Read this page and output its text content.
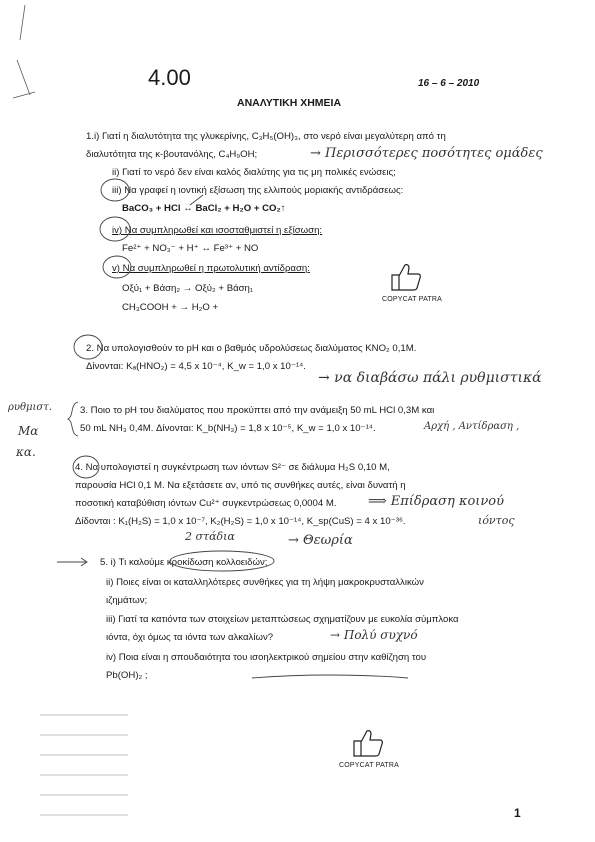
4.00	16 – 6 – 2010
ΑΝΑΛΥΤΙΚΗ ΧΗΜΕΙΑ
1.i) Γιατί η διαλυτότητα της γλυκερίνης, C₃H₅(OH)₃, στο νερό είναι μεγαλύτερη από τη
διαλυτότητα της κ-βουτανόλης, C₄H₉OH;	→ Περισσότερες ποσότητες ομάδες
ii) Γιατί το νερό δεν είναι καλός διαλύτης για τις μη πολικές ενώσεις;
iii) Να γραφεί η ιοντική εξίσωση της ελλιπούς μοριακής αντιδράσεως:
BaCO₃ + HCl ↔ BaCl₂ + H₂O + CO₂↑
iv) Να συμπληρωθεί και ισοσταθμιστεί η εξίσωση:
Fe²⁺ + NO₃⁻ + H⁺ ↔ Fe³⁺ + NO
v) Να συμπληρωθεί η πρωτολυτική αντίδραση:
Οξύ₁ + Βάση₂ → Οξύ₂ + Βάση₁
CH₃COOH + → H₂O +
COPYCAT PATRA
2. Να υπολογισθούν το pH και ο βαθμός υδρολύσεως διαλύματος KNO₂ 0,1M.
Δίνονται: Kₐ(HNO₂) = 4,5 x 10⁻⁴, K_w = 1,0 x 10⁻¹⁴.
→ να διαβάσω πάλι ρυθμιστικά
ρυθμιστ.
Μα
κα.
3. Ποιο το pH του διαλύματος που προκύπτει από την ανάμειξη 50 mL HCl 0,3M και
50 mL NH₃ 0,4M. Δίνονται: K_b(NH₃) = 1,8 x 10⁻⁵, K_w = 1,0 x 10⁻¹⁴.	Αρχή , Αντίδραση ,
4. Να υπολογιστεί η συγκέντρωση των ιόντων S²⁻ σε διάλυμα H₂S 0,10 M,
παρουσία HCl 0,1 M. Να εξετάσετε αν, υπό τις συνθήκες αυτές, είναι δυνατή η
ποσοτική καταβύθιση ιόντων Cu²⁺ συγκεντρώσεως 0,0004 M. ⟹ Επίδραση κοινού
Δίδονται : K₁(H₂S) = 1,0 x 10⁻⁷, K₂(H₂S) = 1,0 x 10⁻¹⁴, K_sp(CuS) = 4 x 10⁻³⁶.	ιόντος
2 στάδια	→ Θεωρία
5. i) Τι καλούμε κροκίδωση κολλοειδών;
ii) Ποιες είναι οι καταλληλότερες συνθήκες για τη λήψη μακροκρυσταλλικών
ιζημάτων;
iii) Γιατί τα κατιόντα των στοιχείων μεταπτώσεως σχηματίζουν με ευκολία σύμπλοκα
ιόντα, όχι όμως τα ιόντα των αλκαλίων?	→ Πολύ συχνό
iv) Ποια είναι η σπουδαιότητα του ισοηλεκτρικού σημείου στην καθίζηση του
Pb(OH)₂ ;
COPYCAT PATRA
1
